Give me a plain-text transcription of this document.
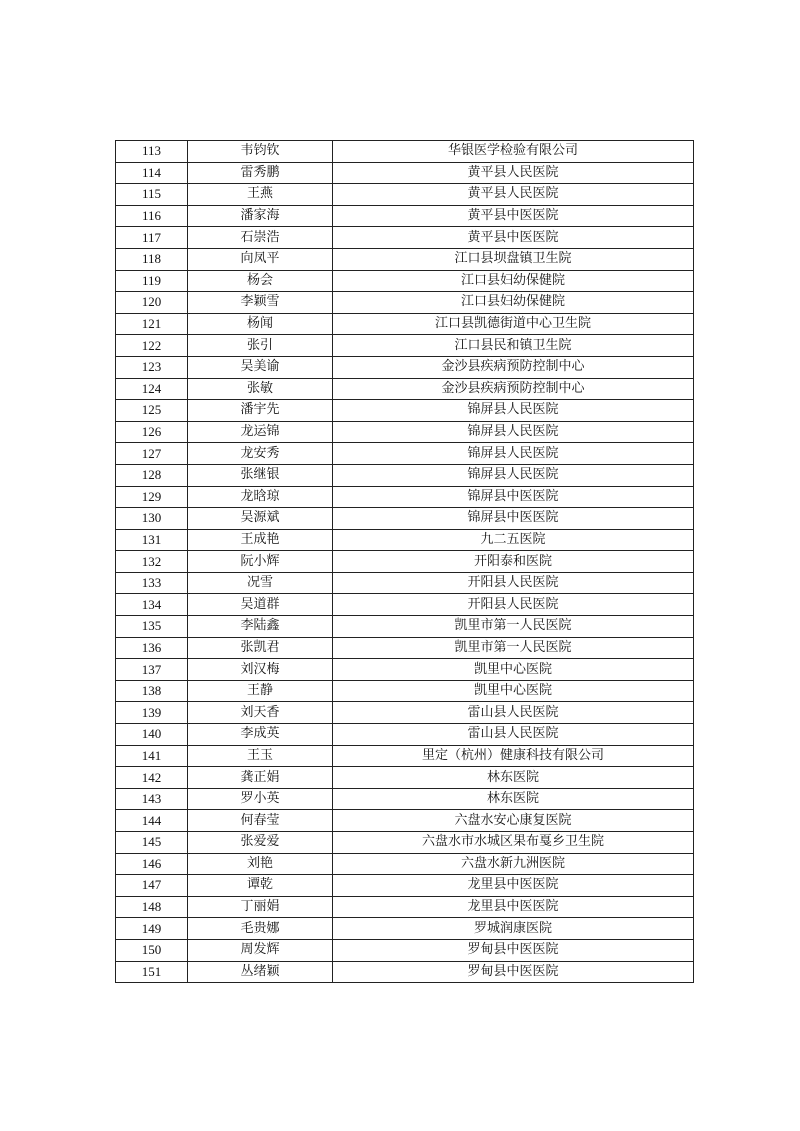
113	韦钧钦	华银医学检验有限公司
114	雷秀鹏	黄平县人民医院
115	王燕	黄平县人民医院
116	潘家海	黄平县中医医院
117	石崇浩	黄平县中医医院
118	向凤平	江口县坝盘镇卫生院
119	杨会	江口县妇幼保健院
120	李颖雪	江口县妇幼保健院
121	杨闻	江口县凯德街道中心卫生院
122	张引	江口县民和镇卫生院
123	吴美谕	金沙县疾病预防控制中心
124	张敏	金沙县疾病预防控制中心
125	潘宇先	锦屏县人民医院
126	龙运锦	锦屏县人民医院
127	龙安秀	锦屏县人民医院
128	张继银	锦屏县人民医院
129	龙晗琼	锦屏县中医医院
130	吴源斌	锦屏县中医医院
131	王成艳	九二五医院
132	阮小辉	开阳泰和医院
133	况雪	开阳县人民医院
134	吴道群	开阳县人民医院
135	李陆鑫	凯里市第一人民医院
136	张凯君	凯里市第一人民医院
137	刘汉梅	凯里中心医院
138	王静	凯里中心医院
139	刘天香	雷山县人民医院
140	李成英	雷山县人民医院
141	王玉	里定（杭州）健康科技有限公司
142	龚正娟	林东医院
143	罗小英	林东医院
144	何春莹	六盘水安心康复医院
145	张爱爱	六盘水市水城区果布戛乡卫生院
146	刘艳	六盘水新九洲医院
147	谭乾	龙里县中医医院
148	丁丽娟	龙里县中医医院
149	毛贵娜	罗城润康医院
150	周发辉	罗甸县中医医院
151	丛绪颖	罗甸县中医医院
